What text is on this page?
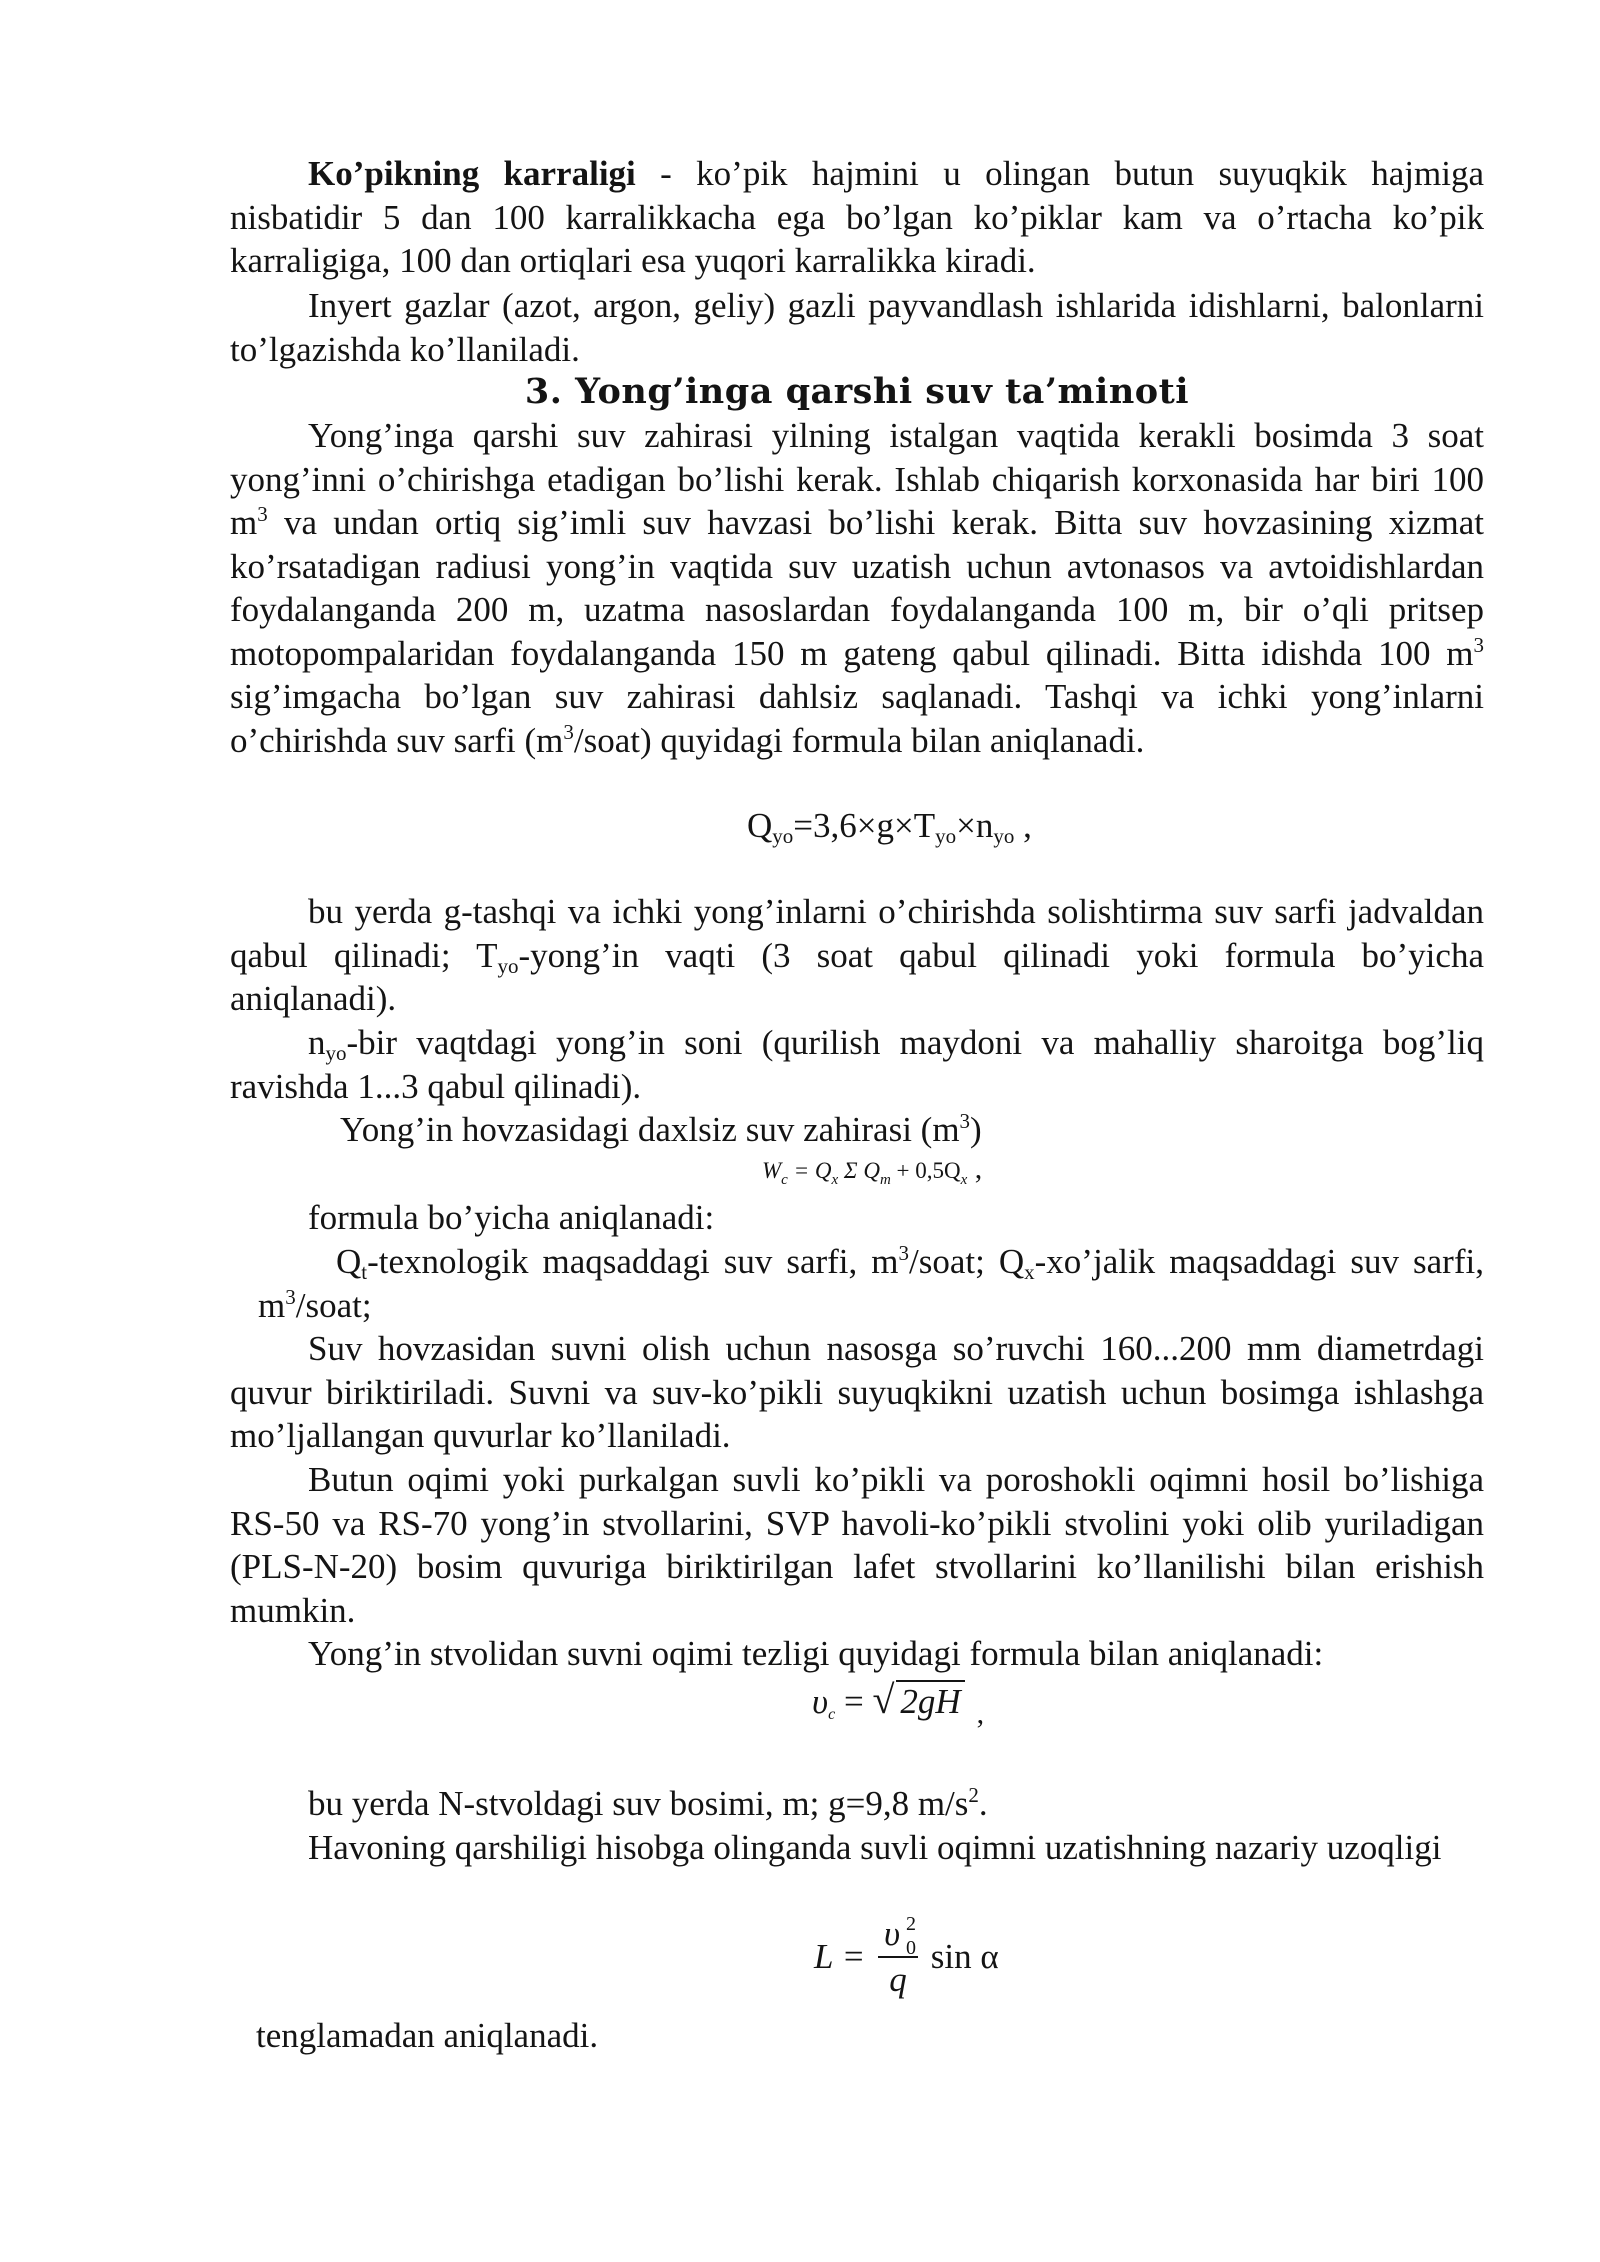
Ko’pikning karraligi - ko’pik hajmini u olingan butun suyuqkik hajmiga nisbatidir 5 dan 100 karralikkacha ega bo’lgan ko’piklar kam va o’rtacha ko’pik karraligiga, 100 dan ortiqlari esa yuqori karralikka kiradi.

Inyert gazlar (azot, argon, geliy) gazli payvandlash ishlarida idishlarni, balonlarni to’lgazishda ko’llaniladi.

3. Yong’inga qarshi suv ta’minoti

Yong’inga qarshi suv zahirasi yilning istalgan vaqtida kerakli bosimda 3 soat yong’inni o’chirishga etadigan bo’lishi kerak. Ishlab chiqarish korxonasida har biri 100 $m^3$ va undan ortiq sig’imli suv havzasi bo’lishi kerak. Bitta suv hovzasining xizmat ko’rsatadigan radiusi yong’in vaqtida suv uzatish uchun avtonasos va avtoidishlardan foydalanganda 200 m, uzatma nasoslardan foydalanganda 100 m, bir o’qli pritsep motopompalaridan foydalanganda 150 m gateng qabul qilinadi. Bitta idishda 100 $m^3$ sig’imgacha bo’lgan suv zahirasi dahlsiz saqlanadi. Tashqi va ichki yong’inlarni o’chirishda suv sarfi $(m^3/soat)$ quyidagi formula bilan aniqlanadi.

$Q_{yo}=3,6\times g\times T_{yo}\times n_{yo}$ ,

bu yerda g-tashqi va ichki yong’inlarni o’chirishda solishtirma suv sarfi jadvaldan qabul qilinadi; $T_{yo}-yong’in$ vaqti (3 soat qabul qilinadi yoki formula bo’yicha aniqlanadi).

$n_{yo}$-bir vaqtdagi yong’in soni (qurilish maydoni va mahalliy sharoitga bog’liq ravishda 1...3 qabul qilinadi).

Yong’in hovzasidagi daxlsiz suv zahirasi $(m^3)$

$W_c = Q_x$ Σ $Q_m + 0,5Q_x$ ,

formula bo’yicha aniqlanadi:

$Q_t$-texnologik maqsaddagi suv sarfi, $m^3$/soat; $Q_x-xo’jalik$ maqsaddagi suv sarfi, $m^3$/soat;

Suv hovzasidan suvni olish uchun nasosga so’ruvchi 160...200 mm diametrdagi quvur biriktiriladi. Suvni va suv-ko’pikli suyuqkikni uzatish uchun bosimga ishlashga mo’ljallangan quvurlar ko’llaniladi.

Butun oqimi yoki purkalgan suvli ko’pikli va poroshokli oqimni hosil bo’lishiga RS-50 va RS-70 yong’in stvollarini, SVP havoli-ko’pikli stvolini yoki olib yuriladigan (PLS-N-20) bosim quvuriga biriktirilgan lafet stvollarini ko’llanilishi bilan erishish mumkin.

Yong’in stvolidan suvni oqimi tezligi quyidagi formula bilan aniqlanadi:

$\upsilon_c$ = √ 2gH ,

bu yerda N-stvoldagi suv bosimi, m; g=9,8 $m/s^2$.

Havoning qarshiligi hisobga olinganda suvli oqimni uzatishning nazariy uzoqligi

L = υ 2
0
q sin α

tenglamadan aniqlanadi.
